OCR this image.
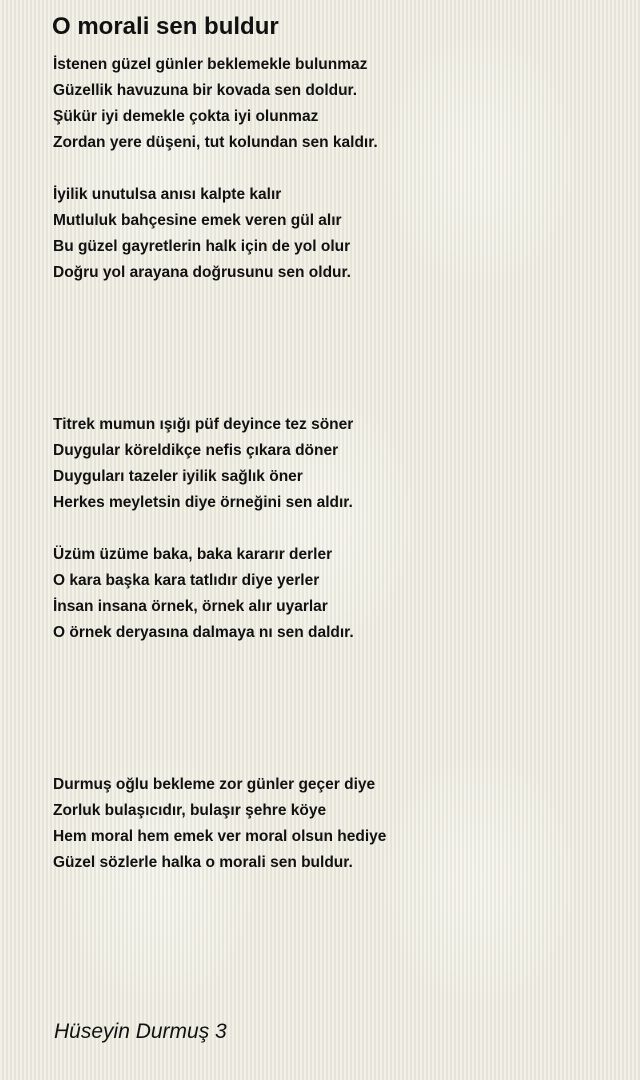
O morali sen buldur
İstenen güzel günler beklemekle bulunmaz
Güzellik havuzuna bir kovada sen doldur.
Şükür iyi demekle çokta iyi olunmaz
Zordan yere düşeni, tut kolundan sen kaldır.
İyilik unutulsa anısı kalpte kalır
Mutluluk bahçesine emek veren gül alır
Bu güzel gayretlerin halk için de yol olur
Doğru yol arayana doğrusunu sen oldur.
Titrek mumun ışığı püf deyince tez söner
Duygular köreldikçe nefis çıkara döner
Duyguları tazeler iyilik sağlık öner
Herkes meyletsin diye örneğini sen aldır.
Üzüm üzüme baka, baka kararır derler
O kara başka kara tatlıdır diye yerler
İnsan insana örnek, örnek alır uyarlar
O örnek deryasına dalmaya nı sen daldır.
Durmuş oğlu bekleme zor günler geçer diye
Zorluk bulaşıcıdır, bulaşır şehre köye
Hem moral hem emek ver moral olsun hediye
Güzel sözlerle halka o morali sen buldur.

Hüseyin Durmuş 3
